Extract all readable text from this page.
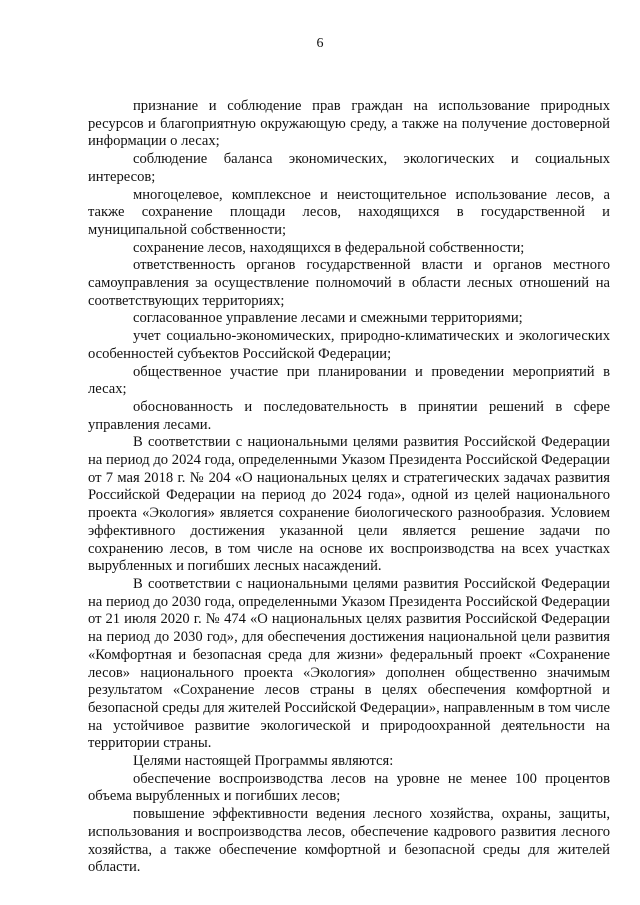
6

признание и соблюдение прав граждан на использование природных ресурсов и благоприятную окружающую среду, а также на получение достоверной информации о лесах;

соблюдение баланса экономических, экологических и социальных интересов;

многоцелевое, комплексное и неистощительное использование лесов, а также сохранение площади лесов, находящихся в государственной и муниципальной собственности;

сохранение лесов, находящихся в федеральной собственности;

ответственность органов государственной власти и органов местного самоуправления за осуществление полномочий в области лесных отношений на соответствующих территориях;

согласованное управление лесами и смежными территориями;

учет социально-экономических, природно-климатических и экологических особенностей субъектов Российской Федерации;

общественное участие при планировании и проведении мероприятий в лесах;

обоснованность и последовательность в принятии решений в сфере управления лесами.

В соответствии с национальными целями развития Российской Федерации на период до 2024 года, определенными Указом Президента Российской Федерации от 7 мая 2018 г. № 204 «О национальных целях и стратегических задачах развития Российской Федерации на период до 2024 года», одной из целей национального проекта «Экология» является сохранение биологического разнообразия. Условием эффективного достижения указанной цели является решение задачи по сохранению лесов, в том числе на основе их воспроизводства на всех участках вырубленных и погибших лесных насаждений.

В соответствии с национальными целями развития Российской Федерации на период до 2030 года, определенными Указом Президента Российской Федерации от 21 июля 2020 г. № 474 «О национальных целях развития Российской Федерации на период до 2030 год», для обеспечения достижения национальной цели развития «Комфортная и безопасная среда для жизни» федеральный проект «Сохранение лесов» национального проекта «Экология» дополнен общественно значимым результатом «Сохранение лесов страны в целях обеспечения комфортной и безопасной среды для жителей Российской Федерации», направленным в том числе на устойчивое развитие экологической и природоохранной деятельности на территории страны.

Целями настоящей Программы являются:

обеспечение воспроизводства лесов на уровне не менее 100 процентов объема вырубленных и погибших лесов;

повышение эффективности ведения лесного хозяйства, охраны, защиты, использования и воспроизводства лесов, обеспечение кадрового развития лесного хозяйства, а также обеспечение комфортной и безопасной среды для жителей области.
